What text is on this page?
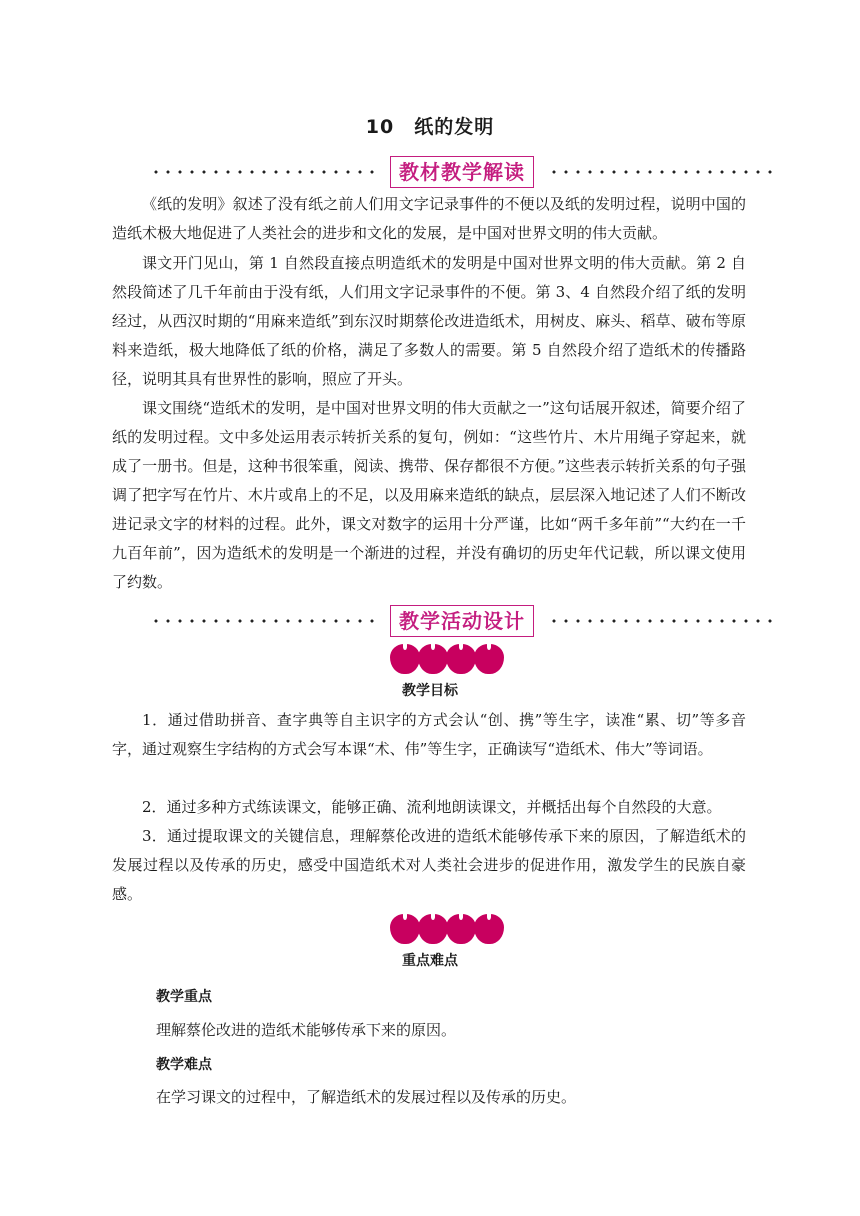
10　纸的发明
教材教学解读

《纸的发明》叙述了没有纸之前人们用文字记录事件的不便以及纸的发明过程，说明中国的造纸术极大地促进了人类社会的进步和文化的发展，是中国对世界文明的伟大贡献。

课文开门见山，第 1 自然段直接点明造纸术的发明是中国对世界文明的伟大贡献。第 2 自然段简述了几千年前由于没有纸，人们用文字记录事件的不便。第 3、4 自然段介绍了纸的发明经过，从西汉时期的“用麻来造纸”到东汉时期蔡伦改进造纸术，用树皮、麻头、稻草、破布等原料来造纸，极大地降低了纸的价格，满足了多数人的需要。第 5 自然段介绍了造纸术的传播路径，说明其具有世界性的影响，照应了开头。

课文围绕“造纸术的发明，是中国对世界文明的伟大贡献之一”这句话展开叙述，简要介绍了纸的发明过程。文中多处运用表示转折关系的复句，例如：“这些竹片、木片用绳子穿起来，就成了一册书。但是，这种书很笨重，阅读、携带、保存都很不方便。”这些表示转折关系的句子强调了把字写在竹片、木片或帛上的不足，以及用麻来造纸的缺点，层层深入地记述了人们不断改进记录文字的材料的过程。此外，课文对数字的运用十分严谨，比如“两千多年前”“大约在一千九百年前”，因为造纸术的发明是一个渐进的过程，并没有确切的历史年代记载，所以课文使用了约数。

教学活动设计
教学目标

1．通过借助拼音、查字典等自主识字的方式会认“创、携”等生字，读准“累、切”等多音字，通过观察生字结构的方式会写本课“术、伟”等生字，正确读写“造纸术、伟大”等词语。

2．通过多种方式练读课文，能够正确、流利地朗读课文，并概括出每个自然段的大意。

3．通过提取课文的关键信息，理解蔡伦改进的造纸术能够传承下来的原因，了解造纸术的发展过程以及传承的历史，感受中国造纸术对人类社会进步的促进作用，激发学生的民族自豪感。

重点难点
教学重点
理解蔡伦改进的造纸术能够传承下来的原因。
教学难点
在学习课文的过程中，了解造纸术的发展过程以及传承的历史。
